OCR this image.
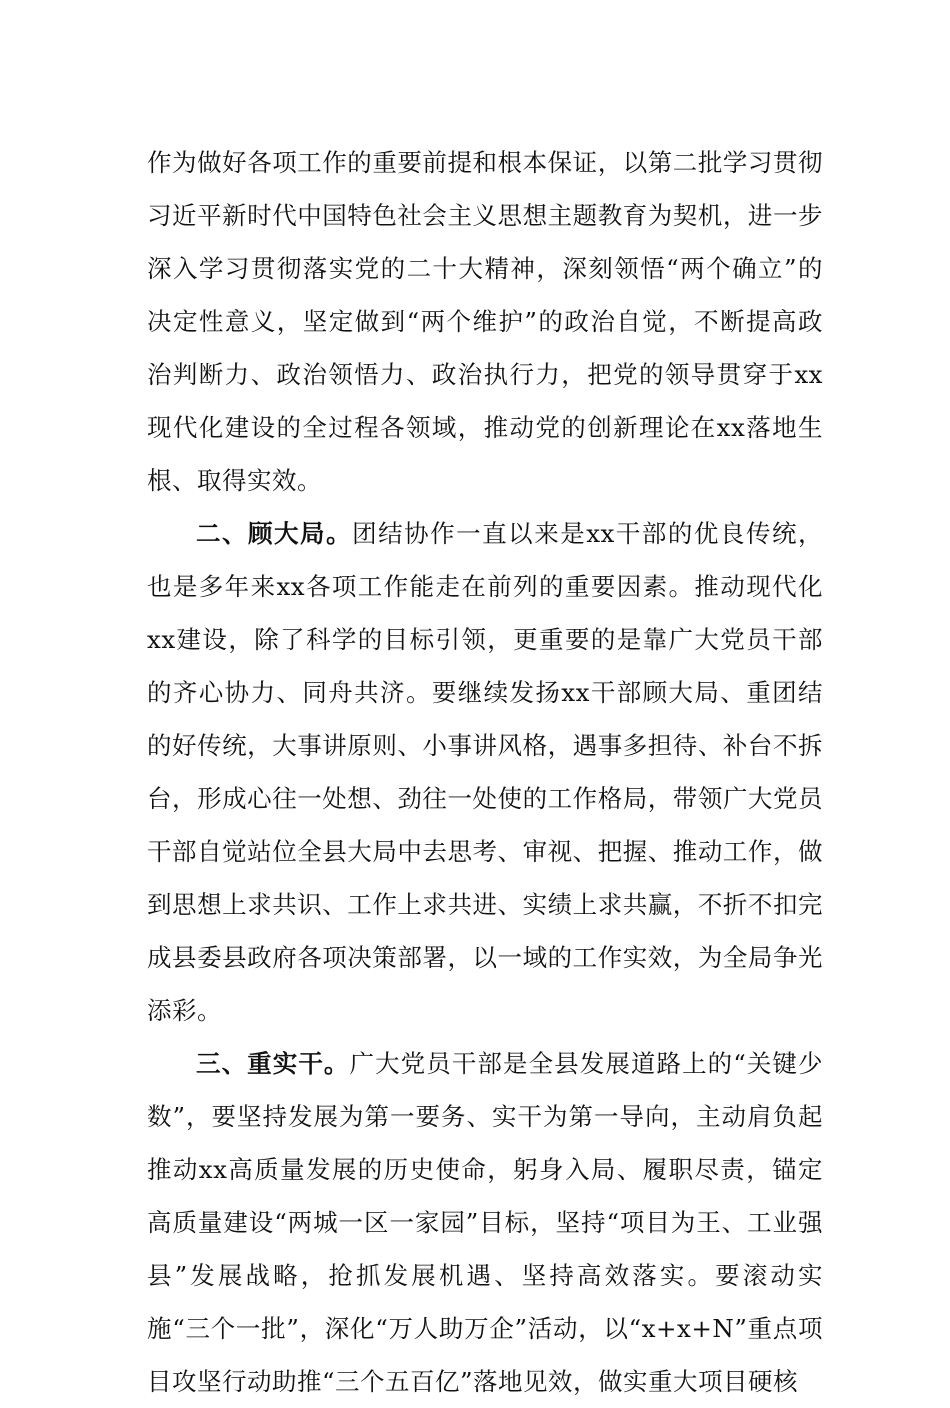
作为做好各项工作的重要前提和根本保证，以第二批学习贯彻习近平新时代中国特色社会主义思想主题教育为契机，进一步深入学习贯彻落实党的二十大精神，深刻领悟“两个确立”的决定性意义，坚定做到“两个维护”的政治自觉，不断提高政治判断力、政治领悟力、政治执行力，把党的领导贯穿于xx现代化建设的全过程各领域，推动党的创新理论在xx落地生根、取得实效。

二、顾大局。团结协作一直以来是xx干部的优良传统，也是多年来xx各项工作能走在前列的重要因素。推动现代化xx建设，除了科学的目标引领，更重要的是靠广大党员干部的齐心协力、同舟共济。要继续发扬xx干部顾大局、重团结的好传统，大事讲原则、小事讲风格，遇事多担待、补台不拆台，形成心往一处想、劲往一处使的工作格局，带领广大党员干部自觉站位全县大局中去思考、审视、把握、推动工作，做到思想上求共识、工作上求共进、实绩上求共赢，不折不扣完成县委县政府各项决策部署，以一域的工作实效，为全局争光添彩。

三、重实干。广大党员干部是全县发展道路上的“关键少数”，要坚持发展为第一要务、实干为第一导向，主动肩负起推动xx高质量发展的历史使命，躬身入局、履职尽责，锚定高质量建设“两城一区一家园”目标，坚持“项目为王、工业强县”发展战略，抢抓发展机遇、坚持高效落实。要滚动实施“三个一批”，深化“万人助万企”活动，以“x+x+N”重点项目攻坚行动助推“三个五百亿”落地见效，做实重大项目硬核
